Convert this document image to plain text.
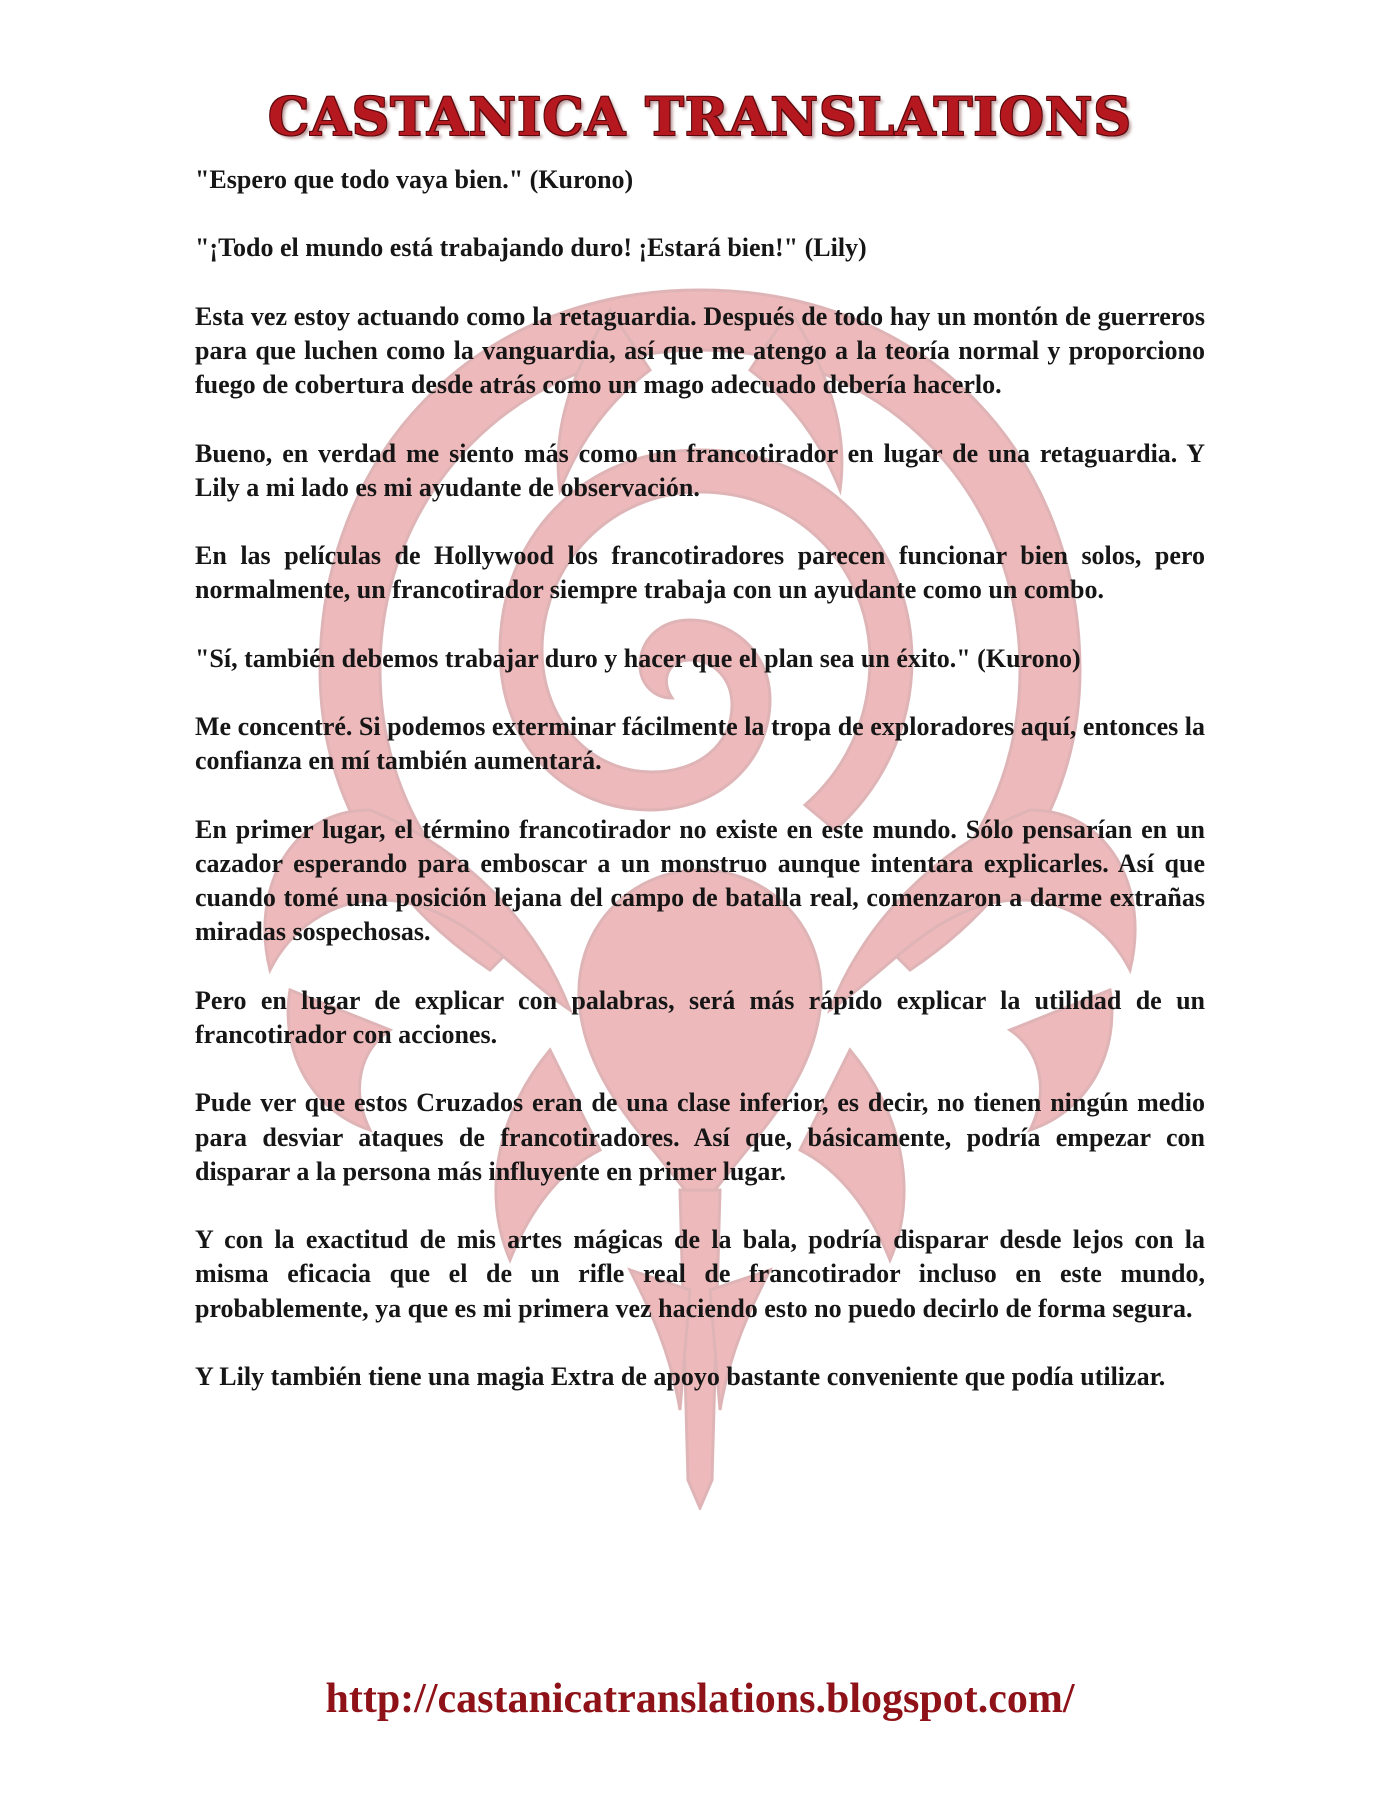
CASTANICA TRANSLATIONS

"Espero que todo vaya bien." (Kurono)

"¡Todo el mundo está trabajando duro! ¡Estará bien!" (Lily)

Esta vez estoy actuando como la retaguardia. Después de todo hay un montón de guerreros para que luchen como la vanguardia, así que me atengo a la teoría normal y proporciono fuego de cobertura desde atrás como un mago adecuado debería hacerlo.

Bueno, en verdad me siento más como un francotirador en lugar de una retaguardia. Y Lily a mi lado es mi ayudante de observación.

En las películas de Hollywood los francotiradores parecen funcionar bien solos, pero normalmente, un francotirador siempre trabaja con un ayudante como un combo.

"Sí, también debemos trabajar duro y hacer que el plan sea un éxito." (Kurono)

Me concentré. Si podemos exterminar fácilmente la tropa de exploradores aquí, entonces la confianza en mí también aumentará.

En primer lugar, el término francotirador no existe en este mundo. Sólo pensarían en un cazador esperando para emboscar a un monstruo aunque intentara explicarles. Así que cuando tomé una posición lejana del campo de batalla real, comenzaron a darme extrañas miradas sospechosas.

Pero en lugar de explicar con palabras, será más rápido explicar la utilidad de un francotirador con acciones.

Pude ver que estos Cruzados eran de una clase inferior, es decir, no tienen ningún medio para desviar ataques de francotiradores. Así que, básicamente, podría empezar con disparar a la persona más influyente en primer lugar.

Y con la exactitud de mis artes mágicas de la bala, podría disparar desde lejos con la misma eficacia que el de un rifle real de francotirador incluso en este mundo, probablemente, ya que es mi primera vez haciendo esto no puedo decirlo de forma segura.

Y Lily también tiene una magia Extra de apoyo bastante conveniente que podía utilizar.

http://castanicatranslations.blogspot.com/
